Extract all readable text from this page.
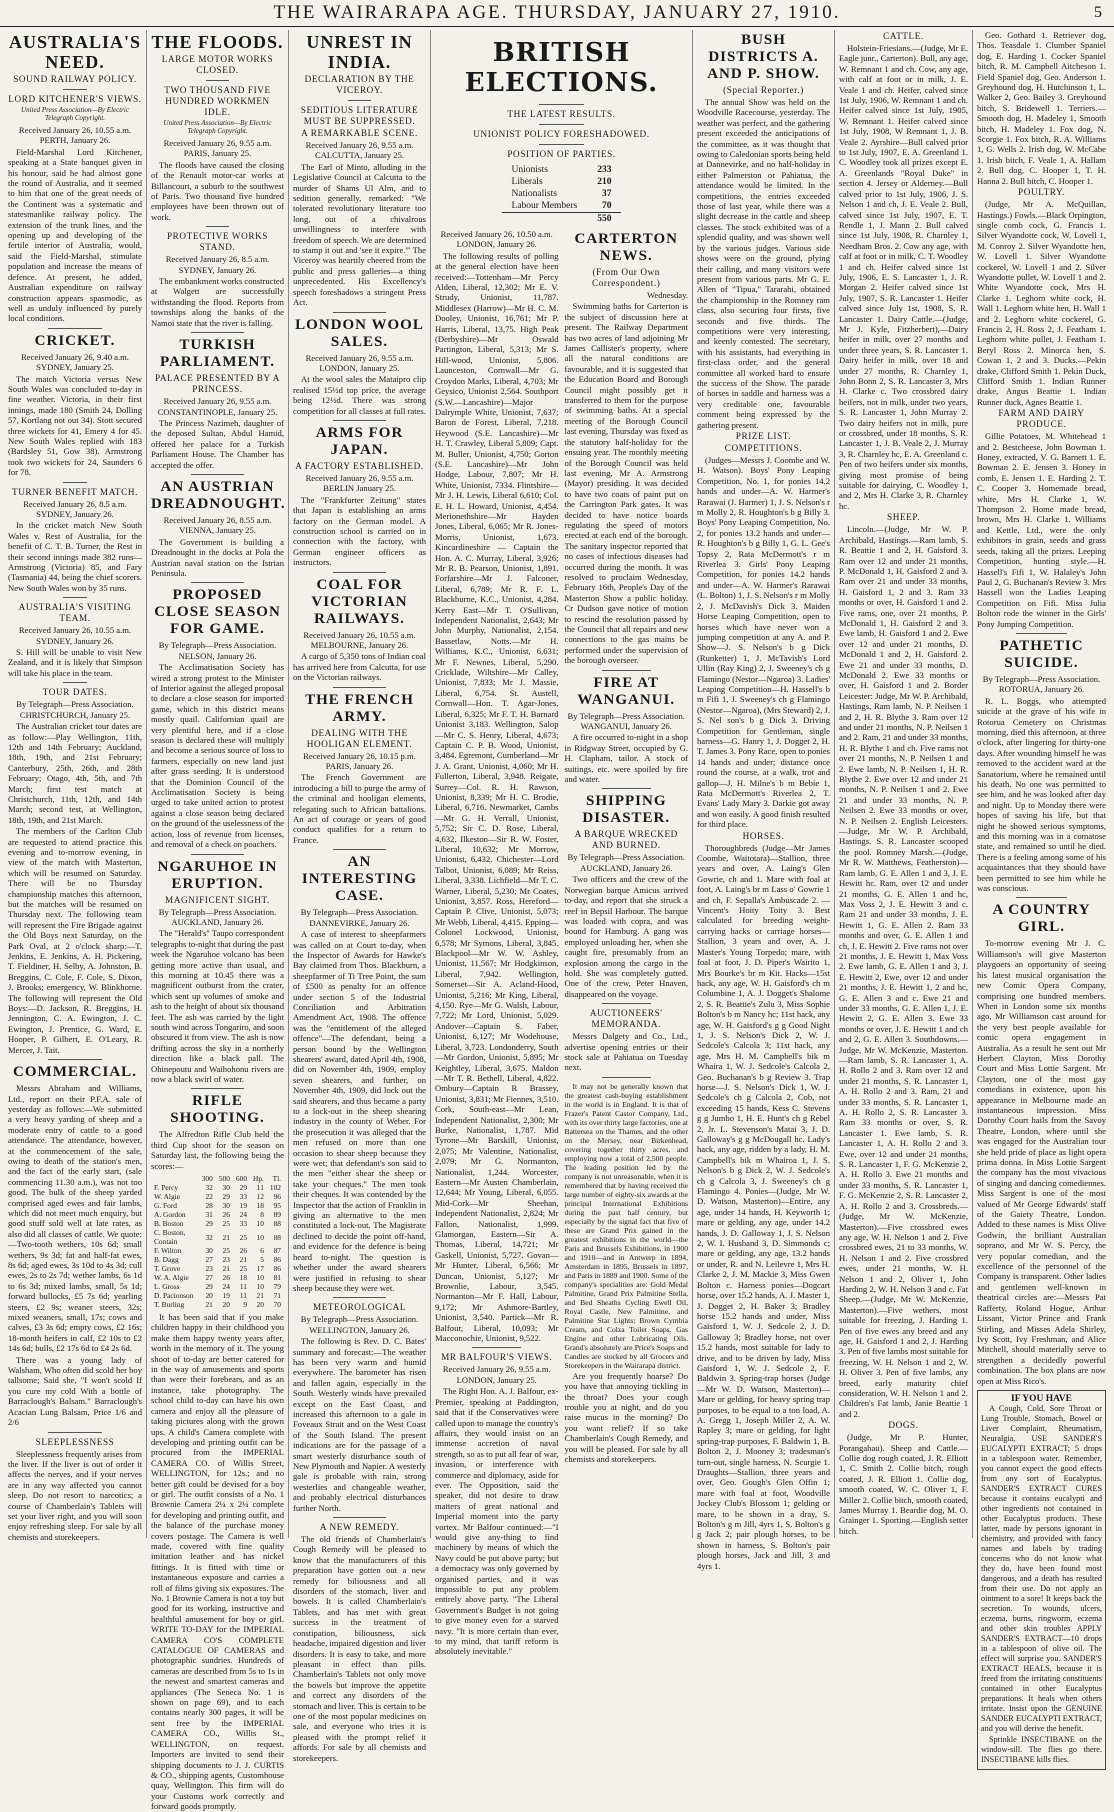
THE WAIRARAPA AGE. THURSDAY, JANUARY 27, 1910.	5
AUSTRALIA'S NEED.
SOUND RAILWAY POLICY.
LORD KITCHENER'S VIEWS.
United Press Association—By Electric Telegraph Copyright.

Received January 26, 10.55 a.m. PERTH, January 26.

Field-Marshal Lord Kitchener, speaking at a State banquet given in his honour, said he had almost gone the round of Australia, and it seemed to him that one of the great needs of the Continent was a systematic and statesmanlike railway policy. The extension of the trunk lines, and the opening up and developing of the fertile interior of Australia, would, said the Field-Marshal, stimulate population and increase the means of defence. At present, he added, Australian expenditure on railway construction appears spasmodic, as well as unduly influenced by purely local conditions.

CRICKET.

Received January 26, 9.40 a.m. SYDNEY, January 25.

The match Victoria versus New South Wales was concluded to-day in fine weather. Victoria, in their first innings, made 180 (Smith 24, Dolling 57, Kortlang not out 34). Stott secured three wickets for 41, Emery 4 for 45. New South Wales replied with 183 (Bardsley 51, Gow 38). Armstrong took two wickets for 24, Saunders 6 for 78.

TURNER BENEFIT MATCH.

Received January 26, 8.5 a.m. SYDNEY, January 26.

In the cricket match New South Wales v. Rest of Australia, for the benefit of C. T. B. Turner, the Rest in their second innings made 382 runs—Armstrong (Victoria) 85, and Fary (Tasmania) 44, being the chief scorers. New South Wales won by 35 runs.

AUSTRALIA'S VISITING TEAM.

Received January 26, 10.55 a.m. SYDNEY, January 26.

S. Hill will be unable to visit New Zealand, and it is likely that Simpson will take his place in the team.

TOUR DATES.

By Telegraph—Press Association. CHRISTCHURCH, January 25.

The Australian cricket tour dates are as follow:—Play Wellington, 11th, 12th and 14th February; Auckland, 18th, 19th, and 21st February; Canterbury, 25th, 26th, and 28th February; Otago, 4th, 5th, and 7th March; first test match at Christchurch, 11th, 12th, and 14th March; second test, at Wellington, 18th, 19th, and 21st March.

The members of the Carlton Club are requested to attend practice this evening and to-morrow evening, in view of the match with Masterton, which will be resumed on Saturday. There will be no Thursday championship matches this afternoon, but the matches will be resumed on Thursday next. The following team will represent the Fire Brigade against the Old Boys next Saturday, on the Park Oval, at 2 o'clock sharp:—T. Jenkins, E. Jenkins, A. H. Pickering, T. Fieldiner, H. Selby, A. Johnston, B. Breggins, C. Cole, F. Cole, S. Dixon, J. Brooks; emergency, W. Blinkhorne. The following will represent the Old Boys:—D. Jackson, R. Breggins, H. Jennington, C. A. Ewington, J. C. Ewington, J. Prentice, G. Ward, E. Hooper, P. Gilbert, E. O'Leary, R. Mercer, J. Tait.

COMMERCIAL.

Messrs Abraham and Williams, Ltd., report on their P.F.A. sale of yesterday as follows:—We submitted a very heavy yarding of sheep and a moderate entry of cattle to a good attendance. The attendance, however, at the commencement of the sale, owing to death of the station's men, and the fact of the early start, (sale commencing 11.30 a.m.), was not too good. The bulk of the sheep yarded comprised aged ewes and fair lambs, which did not meet much enquiry, but good stuff sold well at late rates, as also did all classes of cattle. We quote:—Two-tooth wethers, 10s 6d; small wethers, 9s 3d; fat and half-fat ewes, 8s 6d; aged ewes, 3s 10d to 4s 3d; cull ewes, 2s to 2s 7d; wether lambs, 6s 1d to 6s 3d; mixed lambs, small, 5s 1d; forward bullocks, £5 7s 6d; yearling steers, £2 9s; weaner steers, 32s; mixed weaners, small, 17s; cows and calves, £3 3s 6d; empty cows, £2 16s; 18-month heifers in calf, £2 10s to £2 14s 6d; bulls, £2 17s 6d to £4 2s 6d.

There was a young lady of Walsham, Who often did scold her boy tallsome; Said she, "I won't scold If you cure my cold With a bottle of Barraclough's Balsam." Barraclough's Acacian Lung Balsam, Price 1/6 and 2/6

SLEEPLESSNESS

Sleeplessness frequently arises from the liver. If the liver is out of order it affects the nerves, and if your nerves are in any way affected you cannot sleep. Do not resort to narcotics; a course of Chamberlain's Tablets will set your liver right, and you will soon enjoy refreshing sleep. For sale by all chemists and storekeepers.

THE FLOODS.
LARGE MOTOR WORKS CLOSED.
TWO THOUSAND FIVE HUNDRED WORKMEN IDLE.
United Press Association—By Electric Telegraph Copyright.

Received January 26, 9.55 a.m. PARIS, January 25.

The floods have caused the closing of the Renault motor-car works at Billancourt, a suburb to the southwest of Paris. Two thousand five hundred employees have been thrown out of work.

PROTECTIVE WORKS STAND.

Received January 26, 8.5 a.m. SYDNEY, January 26.

The embankment works constructed at Walgett are successfully withstanding the flood. Reports from townships along the banks of the Namoi state that the river is falling.

TURKISH PARLIAMENT.
PALACE PRESENTED BY A PRINCESS.

Received January 26, 9.55 a.m. CONSTANTINOPLE, January 25.

The Princess Nazimeh, daughter of the deposed Sultan, Abdul Hamid, offered her palace for a Turkish Parliament House. The Chamber has accepted the offer.

AN AUSTRIAN DREADNOUGHT.

Received January 26, 8.55 a.m. VIENNA, January 25.

The Government is building a Dreadnought in the docks at Pola the Austrian naval station on the Istrian Peninsula.

PROPOSED CLOSE SEASON FOR GAME.

By Telegraph—Press Association. NELSON, January 26.

The Acclimatisation Society has wired a strong protest to the Minister of Interior against the alleged proposal to declare a close season for imported game, which in this district means mostly quail. Californian quail are very plentiful here, and if a close season is declared these will multiply and become a serious source of loss to farmers, especially on new land just after grass seeding. It is understood that the Dominion Council of the Acclimatisation Society is being urged to take united action to protest against a close season being declared on the ground of the uselessness of the action, loss of revenue from licenses, and removal of a check on poachers.

NGARUHOE IN ERUPTION.
MAGNIFICENT SIGHT.

By Telegraph—Press Association. AUCKLAND, January 26.

The "Herald's" Taupo correspondent telegraphs to-night that during the past week the Ngaruhoe volcano has been getting more active than usual, and this morning at 10.45 there was a magnificent outburst from the crater, which sent up volumes of smoke and ash to the height of about six thousand feet. The ash was carried by the light south wind across Tongariro, and soon obscured it from view. The ash is now drifting across the sky in a northerly direction like a black pall. The Ohinepoutu and Waihohonu rivers are now a black swirl of water.

RIFLE SHOOTING.

The Alfredton Rifle Club held the third Cup shoot for the season on Saturday last, the following being the scores:—

	300	500	600	Hp.	Tl.
F. Percy	32	30	29	11	102
W. Algie	22	29	33	12	96
G. Ford	28	30	19	18	95
A. Gordon	31	26	24	8	89
B. Boston	29	25	33	10	88
C. Boston, Contain	32	21	25	10	88
F. Wilton	30	25	26	6	87
B. Dagg	27	23	21	5	86
T. Grove	23	21	25	17	86
W. A. Algie	27	26	18	10	81
L. Gross	29	24	11	10	79
D. Pacionson	20	19	11	21	71
T. Burling	21	20	9	20	70

It has been said that if you make children happy in their childhood you make them happy twenty years after, worth in the memory of it. The young shoot of to-day are better catered for in the way of amusements and sports than were their forebears, and as an instance, take photography. The school child to-day can have his own camera and enjoy all the pleasure of taking pictures along with the grown ups. A child's Camera complete with developing and printing outfit can be procured from the IMPERIAL CAMERA CO. of Willis Street, WELLINGTON, for 12s.; and no better gift could be devised for a boy or girl. The outfit consists of a No. 1 Brownie Camera 2¼ x 2¼ complete for developing and printing outfit, and the balance of the purchase money covers postage. The Camera is well made, covered with fine quality imitation leather and has nickel fittings. It is fitted with time or instantaneous exposure and carries a roll of films giving six exposures. The No. 1 Brownie Camera is not a toy but good for its working, instructive and healthful amusement for boy or girl. WRITE TO-DAY for the IMPERIAL CAMERA CO'S COMPLETE CATALOGUE OF CAMERAS and photographic sundries. Hundreds of cameras are described from 5s to 1s in the newest and smartest cameras and appliances (The Seneca No. 1 is shown on page 69), and to each contains nearly 300 pages, it will be sent free by the IMPERIAL CAMERA CO., Willis St., WELLINGTON, on request. Importers are invited to send their shipping documents to J. J. CURTIS & CO., shipping agents, Customhouse quay, Wellington. This firm will do your Customs work correctly and forward goods promptly.

UNREST IN INDIA.
DECLARATION BY THE VICEROY.
SEDITIOUS LITERATURE MUST BE SUPPRESSED.
A REMARKABLE SCENE.

Received January 26, 9.55 a.m. CALCUTTA, January 25.

The Earl of Minto, alluding in the Legislative Council at Calcutta to the murder of Shams Ul Alm, and to sedition generally, remarked: "We tolerated revolutionary literature too long, out of a chivalrous unwillingness to interfere with freedom of speech. We are determined to stamp it out and 'see it expire.'" The Viceroy was heartily cheered from the public and press galleries—a thing unprecedented. His Excellency's speech foreshadows a stringent Press Act.

LONDON WOOL SALES.

Received January 26, 9.55 a.m. LONDON, January 25.

At the wool sales the Mataipro clip realised 15½d top price, the average being 12½d. There was strong competition for all classes at full rates.

ARMS FOR JAPAN.
A FACTORY ESTABLISHED.

Received January 26, 9.55 a.m. BERLIN January 25.

The "Frankfurter Zeitung" states that Japan is establishing an arms factory on the German model. A construction school is carried on in connection with the factory, with German engineer officers as instructors.

COAL FOR VICTORIAN RAILWAYS.

Received January 26, 10.55 a.m. MELBOURNE, January 26.

A cargo of 5,350 tons of Indian coal has arrived here from Calcutta, for use on the Victorian railways.

THE FRENCH ARMY.
DEALING WITH THE HOOLIGAN ELEMENT.

Received January 26, 10.15 p.m. PARIS, January 26.

The French Government are introducing a bill to purge the army of the criminal and hooligan elements, relegating such to African battalions. An act of courage or years of good conduct qualifies for a return to France.

AN INTERESTING CASE.

By Telegraph—Press Association. DANNEVIRKE, January 26.

A case of interest to sheepfarmers was called on at Court to-day, when the Inspector of Awards for Hawke's Bay claimed from Thos. Blackburn, a sheepfarmer of Ti Tree Point, the sum of £500 as penalty for an offence under section 5 of the Industrial Conciliation and Arbitration Amendment Act, 1908. The offence was the "entitlement of the alleged offence"—The defendant, being a person bound by the Wellington shearers' award, dated April 4th, 1908, did on November 4th, 1909, employ seven shearers, and further, on November 4th, 1909, did lock out the said shearers, and thus became a party to a lock-out in the sheep shearing industry in the county of Weber. For the prosecution it was alleged that the men refused on more than one occasion to shear sheep because they were wet; that defendant's son said to the men "either shear the sheep or take your cheques." The men took their cheques. It was contended by the Inspector that the action of Franklin in giving an alternative to the men constituted a lock-out. The Magistrate declined to decide the point off-hand, and evidence for the defence is being heard to-night. The question is whether under the award shearers were justified in refusing to shear sheep because they were wet.

METEOROLOGICAL

By Telegraph—Press Association. WELLINGTON, January 26.

The following is Rev. D. C. Bates' summary and forecast:—The weather has been very warm and humid everywhere. The barometer has risen and fallen again, especially in the South. Westerly winds have prevailed except on the East Coast, and increased this afternoon to a gale in Foveaux Strait and on the West Coast of the South Island. The present indications are for the passage of a smart westerly disturbance south of New Plymouth and Napier. A westerly gale is probable with rain, strong westerlies and changeable weather, and probably electrical disturbances further North.

A NEW REMEDY.

The old friends of Chamberlain's Cough Remedy will be pleased to know that the manufacturers of this preparation have gotten out a new remedy for biliousness and all disorders of the stomach, liver and bowels. It is called Chamberlain's Tablets, and has met with great success in the treatment of constipation, biliousness, sick headache, impaired digestion and liver disorders. It is easy to take, and more pleasant in effect than pills. Chamberlain's Tablets not only move the bowels but improve the appetite and correct any disorders of the stomach and liver. This is certain to be one of the most popular medicines on sale, and everyone who tries it is pleased with the prompt relief it affords. For sale by all chemists and storekeepers.

BRITISH ELECTIONS.
THE LATEST RESULTS.
UNIONIST POLICY FORESHADOWED.
POSITION OF PARTIES.
Unionists	233
Liberals	210
Nationalists	37
Labour Members	70
	550

Received January 26, 10.50 a.m. LONDON, January 26.

The following results of polling at the general election have been received:—Tottenham—Mr Percy Alden, Liberal, 12,302; Mr E. V. Strudy, Unionist, 11,787. Middlesex (Harrow)—Mr H. C. M. Dooley, Unionist, 16,761; Mr P. Harris, Liberal, 13,75. High Peak (Derbyshire)—Mr Oswald Partington, Liberal, 5,313; Mr S. Hill-wood, Unionist, 5,806. Launceston, Cornwall—Mr G. Croydon Marks, Liberal, 4,703; Mr Geysico, Unionist 2,564. Southport (S.W.—Lancashire)—Major Dalrymple White, Unionist, 7,637; Baron de Forest, Liberal, 7,218. Heywood (S.E. Lancashire)—Mr H. T. Crawley, Liberal 5,809; Capt. M. Buller, Unionist, 4,750; Gorton (S.E. Lancashire)—Mr John Hodge, Labour, 7,807; Mr H. White, Unionist, 7334. Flintshire—Mr J. H. Lewis, Liberal 6,610; Col. E. H. L. Howard, Unionist, 4,454. Merionethshire—Mr Hayden Jones, Liberal, 6,065; Mr R. Jones-Morris, Unionist, 1,673. Kincardineshire — Captain the Hon. A. C. Murray, Liberal, 3,926; Mr R. B. Pearson, Unionist, 1,891. Forfarshire—Mr J. Falconer, Liberal, 6,789; Mr R. F. L. Blackburne, K.C., Unionist, 4,284. Kerry East—Mr T. O'Sullivan, Independent Nationalist, 2,643; Mr John Murphy, Nationalist, 2,154. Bassetlaw, Notts.—Mr H. Williams, K.C., Unionist, 6,631; Mr F. Newnes, Liberal, 5,290. Cricklade, Wiltshire—Mr Calley, Unionist, 7,833; Mr J. Massie, Liberal, 6,754. St. Austell, Cornwall—Hon. T. Agar-Jones, Liberal, 6,325; Mr F. T. H. Barnard Unionist 3,183. Wellington, Salop—Mr C. S. Henry, Liberal, 4,673; Captain C. P. B. Wood, Unionist, 3,484. Egremont, Cumberland—Mr J. A. Grant, Unionist, 4,060; Mr H. Fullerton, Liberal, 3,948. Reigate, Surrey—Col. R. H. Rawson, Unionist, 8,339; Mr H. C. Brodie, Liberal, 6,716. Newmarket, Cambs—Mr G. H. Verrall, Unionist, 5,752; Sir C. D. Rose, Liberal, 4,632. Ilkeston—Sir R. W. Foster, Liberal, 10,632; Mr Morrow, Unionist, 6,432. Chichester—Lord Talbot, Unionist, 6,089; Mr Reiss, Liberal, 3,338. Lichfield—Mr T. C. Warner, Liberal, 5,230; Mr Coates, Unionist, 3,857. Ross, Hereford—Captain P. Clive, Unionist, 5,073; Mr Webb, Liberal, 4,415. Epping—Colonel Lockwood, Unionist, 6,578; Mr Symons, Liberal, 3,845. Blackpool—Mr W. W. Ashley, Unionist, 11,567; Mr Hodgkinson, Liberal, 7,942. Wellington, Somerset—Sir A. Acland-Hood, Unionist, 5,216; Mr King, Liberal, 4,150. Rye—Mr G. Walsh, Labour, 7,722; Mr Lord, Unionist, 5,029. Andover—Captain S. Faber, Unionist, 6,127; Mr Wodehouse, Liberal, 3,723. Londonderry, South—Mr Gordon, Unionist, 5,895; Mr Keightley, Liberal, 3,675. Maldon—Mr T. R. Bethell, Liberal, 4,822. Ombury—Captain R Brassey, Unionist, 3,831; Mr Fiennes, 3,510. Cork, South-east—Mr Lean, Independent Nationalist, 2,300; Mr Burke, Nationalist, 1,787. Mid Tyrone—Mr Barskill, Unionist, 2,075; Mr Valentine, Nationalist, 2,079; Mr G. Normanton, Nationalist, 1,244. Worcester, Eastern—Mr Austen Chamberlain, 12,644; Mr Young, Liberal, 6,055. Mid-Cork—Mr Sheehan, Independent Nationalist, 2,824; Mr Fallon, Nationalist, 1,999. Glamorgan, Eastern—Sir A. Thomas, Liberal, 14,721; Mr Gaskell, Unionist, 5,727. Govan—Mr Hunter, Liberal, 6,566; Mr Duncan, Unionist, 5,127; Mr Brownlie, Labour, 3,545. Normanton—Mr F. Hall, Labour, 9,172; Mr Ashmore-Bartley, Unionist, 3,540. Partick—Mr R. Balfour, Liberal, 10,093; Mr Macconochie, Unionist, 9,522.

MR BALFOUR'S VIEWS.

Received January 26, 9.55 a.m. LONDON, January 25.

The Right Hon. A. J. Balfour, ex-Premier, speaking at Paddington, said that if the Conservatives were called upon to manage the country's affairs, they would insist on an immense accretion of naval strength, so as to put all fear of war, invasion, or interference with commerce and diplomacy, aside for ever. The Opposition, said the speaker, did not desire to draw matters of great national and Imperial moment into the party vortex. Mr Balfour continued:—"I would give any-thing to find machinery by means of which the Navy could be put above party; but a democracy was only governed by organised parties, and it was impossible to put any problem entirely above party. "The Liberal Government's Budget is not going to give money even for a starved navy. "It is more certain than ever, to my mind, that tariff reform is absolutely inevitable."

CARTERTON NEWS.
(From Our Own Correspondent.)

Wednesday.

Swimming baths for Carterton is the subject of discussion here at present. The Railway Department has two acres of land adjoining Mr James Callister's property, where all the natural conditions are favourable, and it is suggested that the Education Board and Borough Council might possibly get it transferred to them for the purpose of swimming baths. At a special meeting of the Borough Council last evening, Thursday was fixed as the statutory half-holiday for the ensuing year. The monthly meeting of the Borough Council was held last evening, Mr A. Armstrong (Mayor) presiding. It was decided to have two coats of paint put on the Carrington Park gates. It was decided to have notice boards regulating the speed of motors erected at each end of the borough. The sanitary inspector reported that no cases of infectious diseases had occurred during the month. It was resolved to proclaim Wednesday, February 16th, People's Day of the Masterton Show a public holiday. Cr Dudson gave notice of motion to rescind the resolution passed by the Council that all repairs and new connections to the gas mains be performed under the supervision of the borough overseer.

FIRE AT WANGANUI.

By Telegraph—Press Association. WANGANUI, January 26.

A fire occurred to-night in a shop in Ridgway Street, occupied by G. H. Clapham, tailor. A stock of suitings, etc. were spoiled by fire and water.

SHIPPING DISASTER.
A BARQUE WRECKED AND BURNED.

By Telegraph—Press Association. AUCKLAND, January 26.

Two officers and the crew of the Norwegian barque Amicus arrived to-day, and report that she struck a reef in Bepsil Harbour. The barque was loaded with copra, and was bound for Hamburg. A gang was employed unloading her, when she caught fire, presumably from an explosion among the cargo in the hold. She was completely gutted. One of the crew, Peter Hnaven, disappeared on the voyage.

AUCTIONEERS' MEMORANDA.

Messrs Dalgety and Co., Ltd., advertise opening entries or their stock sale at Pahiatua on Tuesday next.

It may not be generally known that the greatest cash-buying establishment in the world is in England. It is that of Frazer's Patent Castor Company, Ltd., with its over thirty large factories, one at Battersea on the Thames, and the other on the Mersey, near Birkenhead, covering together thirty acres, and employing now a total of 2,500 people. The leading position led by the company is not unreasonable, when it is remembered that by having received the large number of eighty-six awards at the principal International Exhibitions during the past half century, but especially by the signal fact that five of these are Grand Prix gained in the greatest exhibitions in the world—the Paris and Brussels Exhibitions, in 1900 and 1910—and in Antwerp in 1894, Amsterdam in 1895, Brussels in 1897, and Paris in 1889 and 1900. Some of the company's specialities are: Gold Medal Palmitine, Grand Prix Palmitine Stella, and Bed Sheaths Cycling Ewell Oil, Royal Castle, New Palmitine, and Palmitine Star Lights; Brown Cymbia Cream, and Colza Toilet Soaps. Gas Engine and other Lubricating Oils. Grand's absolutely are Price's Soaps and Candles are stocked by all Grocers and Storekeepers in the Wairarapa district.

Are you frequently hoarse? Do you have that annoying tickling in the throat? Does your cough trouble you at night, and do you raise mucus in the morning? Do you want relief? If so take Chamberlain's Cough Remedy, and you will be pleased. For sale by all chemists and storekeepers.

BUSH DISTRICTS A. AND P. SHOW.
(Special Reporter.)

The annual Show was held on the Woodville Racecourse, yesterday. The weather was perfect, and the gathering present exceeded the anticipations of the committee, as it was thought that owing to Caledonian sports being held at Dannevirke, and no half-holiday in either Palmerston or Pahiatua, the attendance would be limited. In the competitions, the entries exceeded those of last year, while there was a slight decrease in the cattle and sheep classes. The stock exhibited was of a splendid quality, and was shown well by the various judges. Various side shows were on the ground, plying their calling, and many visitors were present from various parts. Mr G. E. Allen of "Tipua," Tararahi, obtained the championship in the Romney ram class, also securing four firsts, five seconds and five thirds. The competitions were very interesting, and keenly contested. The secretary, with his assistants, had everything in first-class order, and the general committee all worked hard to ensure the success of the Show. The parade of horses in saddle and harness was a very creditable one, favourable comment being expressed by the gathering present.

PRIZE LIST.
COMPETITIONS.

(Judges—Messrs J. Coombe and W. H. Watson). Boys' Pony Leaping Competition, No. 1, for ponies 14.2 hands and under—A. W. Harmer's Rarawai (J. Harmer) 1, J. S. Nelson's r m Molly 2, R. Houghton's b g Billy 3. Boys' Pony Leaping Competition, No. 2, for ponies 13.2 hands and under—R. Houghton's b g Billy 1, G. L. Gee's Topsy 2, Rata McDermott's r m Riverlea 3. Girls' Pony Leaping Competition, for ponies 14.2 hands and under—A. W. Harmer's Rarawai (L. Bolton) 1, J. S. Nelson's r m Molly 2, J. McDavish's Dick 3. Maiden Horse Leaping Competition, open to horses which have never won a jumping competition at any A. and P. Show—J. S. Nelson's b g Dick (Runketter) 1, J. McTavish's Lord Ullin (Ray King) 2, J. Sweeney's ch g Flamingo (Nestor—Ngaroa) 3. Ladies' Leaping Competition—H. Hassell's b m Fifi 1, J. Sweeney's ch g Flamingo (Nestor—Ngaroa), (Mrs Steward) 2, J. S. Nel son's b g Dick 3. Driving Competition for Gentleman, single harness—G. Hanry 1, J. Dogget 2, H. T. James 3. Pony Race, open to ponies 14 hands and under; distance once round the course, at a walk, trot and gallop—J. H. Milne's b m Bebie 1, Rata McDermott's Riverlea 2, T. Evans' Lady Mary 3. Darkie got away and won easily. A good finish resulted for third place.

HORSES.

Thoroughbreds (Judge—Mr James Coombe, Waitotara)—Stallion, three years and over, A. Laing's Glen Gowrie, ch and 1. Mare with foal at foot, A. Laing's br m Lass o' Gowrie 1 and ch, F. Sepalla's Ambuscade 2. — Vincent's Hoity Toity 3. Best calculated for breeding weight-carrying hacks or carriage horses—Stallion, 3 years and over, A. J. Master's Young Torpedo; mare, with foal at foot, J. D. Piper's Wairito 1, Mrs Bourke's br m Kit. Hacks—15st hack, any age, W. H. Gaisford's ch m Columbine 1, A. J. Dogget's Shalome 2, S. R. Beattie's Zulu 3, Miss Sophie Bolton's b m Nancy hc; 11st hack, any age, W. H. Gaisford's g g Good Night 1, J. S. Nelson's Dick 2, W. J. Sedcole's Calcola 3; 11st hack, any age, Mrs H. M. Campbell's bik m Whaira 1, W. J. Sedcole's Calcola 2, Geo. Buchanan's b g Review 3. Trap horse—J. S. Nelson's Dick 1, W. J. Sedcole's ch g Calcola 2, Cob, not exceeding 15 hands, Kess C. Stevens g g Jumbo 1, H. E. Hunt's ch g Rebel 2, Jr. L. Stevenson's Matai 3, J. D. Galloway's g g McDougall hc. Lady's hack, any age, ridden by a lady, H. M. Campbell's bik m Whairoa 1, J. S. Nelson's b g Dick 2, W. J. Sedcole's ch g Calcola 3, J. Sweeney's ch g Flamingo 4. Ponies—(Judge, Mr W. D. Watson, Masterton)—Entire, any age, under 14 hands, H. Keyworth 1; mare or gelding, any age, under 14.2 hands, J. D. Galloway 1, J. S. Nelson 2, W. I. Husband 3, D. Simmonds c; mare or gelding, any age, 13.2 hands or under, R. and N. Leilevre 1, Mrs H. Clarke 2, J. M. Mackie 3, Miss Gwen Bolton c. Harness ponies—Dogcart horse, over 15.2 hands, A. J. Master 1, J. Dogget 2, H. Baker 3; Bradley horse 15.2 hands and under, Miss Gaisford 1, W. J. Sedcole 2, J. D. Galloway 3; Bradley horse, not over 15.2 hands, most suitable for lady to drive, and to be driven by lady, Miss Gaisford 1, W. J. Sedcole 2, F. Baldwin 3. Spring-trap horses (Judge—Mr W. D. Watson, Masterton)—Mare or gelding, for heavy spring trap purposes, to be equal to a ton load, A. A. Gregg 1, Joseph Miller 2, A. W. Rapley 3; mare or gelding, for light spring-trap purposes, F. Baldwin 1, B. Bolton 2, J. Mooney 3; tradesman's turn-out, single harness, N. Scurgie 1. Draughts—Stallion, three years and over, Geo. Gough's Glen Offin 1; mare with foal at foot, Woodville Jockey Club's Blossom 1; gelding or mare, to be shown in a dray, S. Bolton's g m Jill, 4yrs 1, S. Bolton's g g Jack 2; pair plough horses, to be shown in harness, S. Bolton's pair plough horses, Jack and Jill, 3 and 4yrs 1.

CATTLE.

Holstein-Friesians.—(Judge, Mr E. Eagle junr., Carterton). Bull, any age, W. Remnant 1 and ch. Cow, any age, with calf at foot or in milk, J. E. Veale 1 and ch. Heifer, calved since 1st July, 1906, W. Remnant 1 and ch. Heifer calved since 1st July, 1905, W. Remnant 1. Heifer calved since 1st July, 1908, W Remnant 1, J. B. Veale 2. Ayrshire—Bull calved prior to 1st July, 1907, E. A. Greenland 1. C. Woodley took all prizes except E. A. Greenlands "Royal Duke" in section 4. Jersey or Alderney.—Bull calved prior to 1st July, 1906, J. S. Nelson 1 and ch, J. E. Veale 2. Bull, calved since 1st July, 1907, E. T. Rendle 1, J. Mann 2. Bull calved since 1st July, 1908, R. Charnley 1, Needham Bros. 2. Cow any age, with calf at foot or in milk, C. T. Woodley 1 and ch. Heifer calved since 1st July, 1906, E. S. Lancaster 1, J. R. Morgan 2. Heifer calved since 1st July, 1907, S. R. Lancaster 1. Heifer calved since July 1st, 1908, S. R. Lancaster 1. Dairy Cattle.—(Judge, Mr J. Kyle, Fitzherbert),—Dairy heifer in milk, over 27 months and under three years, S. R. Lancaster 1. Dairy heifer in milk, over 18 and under 27 months, R. Charnley 1, John Bonn 2, S. R. Lancaster 3, Mrs H. Clarke c. Two crossbred dairy heifers, not in milk, under two years, S. R. Lancaster 1, John Murray 2. Two dairy heifers not in milk, pure or crossbred, under 18 months, S. R. Lancaster 1, J. B. Veale 2, J. Murray 3, R. Charnley hc, E. A. Greenland c. Pen of two heifers under six months, giving most promise of being suitable for dairying, C. Woodley 1, and 2, Mrs H. Clarke 3, R. Charnley hc.

SHEEP.

Lincoln.—(Judge, Mr W. P. Archibald, Hastings.—Ram lamb, S. R. Beattie 1 and 2, H. Gaisford 3. Ram over 12 and under 21 months, P. McDonald 1, H. Gaisford 2 and 3. Ram over 21 and under 33 months, H. Gaisford 1, 2 and 3. Ram 33 months or over, H. Gaisford 1 and 2. Five rams, one, over 21 months, P. McDonald 1, H. Gaisford 2 and 3. Ewe lamb, H. Gaisford 1 and 2. Ewe over 12 and under 21 months, D. McDonald 1 and 2, H. Gaisford 2. Ewe 21 and under 33 months, D. McDonald 2. Ewe 33 months or over, H. Gaisford 1 and 2. Border Leicester: Judge, Mr W. P. Archibald, Hastings, Ram lamb, N. P. Neilsen 1 and 2, H. R. Blythe 3. Ram over 12 and under 21 months, N. P. Neilsen 1 and 2. Ram, 21 and under 33 months, H. R. Blythe 1 and ch. Five rams not over 21 months, N. P. Neilsen 1 and 2. Ewe lamb, N. P. Neilsen 1, H. R. Blythe 2. Ewe over 12 and under 21 months, N. P. Neilsen 1 and 2. Ewe 21 and under 33 months, N. P. Neilsen 2. Ewe 33 months or over, N. P. Neilsen 2. English Leicesters.—Judge, Mr W. P. Archibald, Hastings. S. R. Lancaster scooped the pool. Romney Marsh.—(Judge, Mr R. W. Matthews, Featherston)—Ram lamb, G. E. Allen 1 and 3, J. E. Hewitt hc. Ram, over 12 and under 21 months, G. E. Allen 1 and hc, Max Voss 2, J. E. Hewitt 3 and c. Ram 21 and under 33 months, J. E. Hewitt 1, G. E. Allen 2. Ram 33 months and over, G. E. Allen 1 and ch, J. E. Hewitt 2. Five rams not over 21 months, J. E. Hewitt 1, Max Voss 2. Ewe lamb, G. E. Allen 1 and 3, J. E. Hewitt 2, Ewe, over 12 and under 21 months, J. E. Hewitt 1, 2 and hc, G. E. Allen 3 and c. Ewe 21 and under 33 months, G. E. Allen 1, J. E. Hewitt 2, G. E. Allen 3. Ewe 33 months or over, J. E. Hewitt 1 and ch and 2, G. E. Allen 3. Southdowns.—Judge, Mr W. McKenzie, Masterton.—Ram lamb, S. R. Lancaster 1, A. H. Rollo 2 and 3. Ram over 12 and under 21 months, S. R. Lancaster 1, A. H. Rollo 2 and 3. Ram, 21 and under 33 months, S. R. Lancaster 1, A. H. Rollo 2, S. R. Lancaster 3. Ram 33 months or over, S. R. Lancaster 1. Ewe lamb, S. R. Lancaster 1, A. H. Rollo 2 and 3. Ewe, over 12 and under 21 months, S. R. Lancaster 1, F. G. McKenzie 2, A. H. Rollo 3. Ewe 21 months and under 33 months, S. R. Lancaster 1, F. G. McKenzie 2, S. R. Lancaster 2, A. H. Rollo 2 and 3. Crossbreds.—(Judge, Mr W. McKenzie, Masterton).—Five crossbred ewes any age, W. H. Nelson 1 and 2. Five crossbred ewes, 21 to 33 months, W. H. Nelson 1 and 2. Five crossbred ewes, under 21 months, W. H. Nelson 1 and 2, Oliver 1, John Harding 2, W. H. Nelson 3 and c. Fat Sheep.—(Judge, Mr W. McKenzie, Masterton).—Five wethers, most suitable for freezing, J. Harding 1. Pen of five ewes any breed and any age, H. Gaisford 1 and 2, J. Harding 3. Pen of five lambs most suitable for freezing, W. H. Nelson 1 and 2, W. H. Oliver 3. Pen of five lambs, any breed, early maturity chief consideration, W. H. Nelson 1 and 2. Children's Fat lamb, Janie Beattie 1 and 2.

DOGS.

(Judge, Mr P. Hunter, Porangahau). Sheep and Cattle.—Collie dog rough coated, J. R. Elliott 1, C. Smith 2. Collie bitch, rough coated, J. R. Elliott 1. Collie dog, smooth coated, W. C. Oliver 1, F. Miller 2. Collie bitch, smooth coated, James Murray 1. Beardie dog, M. O. Grainger 1. Sporting.—English setter bitch.

Geo. Gothard 1. Retriever dog, Thos. Teasdale 1. Clumber Spaniel dog, E. Harding 1. Cocker Spaniel bitch, R. M. Campbell Aitcheson 1. Field Spaniel dog, Geo. Anderson 1. Greyhound dog, H. Hutchinson 1, L. Walker 2, Geo. Bailey 3. Greyhound bitch, S. Bridewell 1. Terriers.—Smooth dog, H. Madeley 1, Smooth bitch, H. Madeley 1. Fox dog, N. Scorgie 1. Fox bitch, R. A. Williams 1, G. Wells 2. Irish dog, W. McCabe 1. Irish bitch, F. Veale 1, A. Hallam 2. Bull dog, C. Hooper 1, T. H. Hanna 2. Bull bitch, C. Hooper 1.

POULTRY.

(Judge, Mr A. McQuillan, Hastings.) Fowls.—Black Orpington, single comb cock, G. Francis 1. Silver Wyandotte cock, W. Lovell 1, M. Conroy 2. Silver Wyandotte hen, W. Lovell 1. Silver Wyandotte cockerel, W. Lovell 1 and 2. Silver Wyandotte pullet, W. Lovell 1 and 2. White Wyandotte cock, Mrs H. Clarke 1. Leghorn white cock, H. Wall 1. Leghorn white hen, H. Wall 1 and 2. Leghorn white cockerel, G. Francis 2, H. Ross 2, J. Featham 1. Leghorn white pullet, J. Featham 1. Beryl Ross 2. Minorca hen, S. Cowan 1, 2 and 3. Ducks.—Pekin drake, Clifford Smith 1. Pekin Duck, Clifford Smith 1. Indian Runner drake, Angus Beattie 1. Indian Runner duck, Agnes Beattie 1.

FARM AND DAIRY PRODUCE.

Gillie Potatoes, M. Whitehead 1 and 2. Bestcheese, John Bowman 1. Honey, extracted, V. G. Barnett 1. E. Bowman 2. E. Jensen 3. Honey in comb, E. Jensen 1. E. Harding 2. T. C. Cooper 3. Homemade bread, white, Mrs H. Clarke 1, W. Thompson 2. Home made bread, brown, Mrs H. Clarke 1. Williams and Kettle, Ltd., were the only exhibitors in grain, seeds and grass seeds, taking all the prizes. Leeping Competition, hunting style.—H. Hassell's Fifi 1, W. Halaley's John Paul 2, G. Buchanan's Review 3. Mrs Hassell won the Ladies Leaping Competition on Fifi. Miss Julia Bolton rode the winner in the Girls' Pony Jumping Competition.

PATHETIC SUICIDE.

By Telegraph—Press Association. ROTORUA, January 26.

R. L. Boggs, who attempted suicide at the grave of his wife in Rotorua Cemetery on Christmas morning, died this afternoon, at three o'clock, after lingering for thirty-one days. After wounding himself he was removed to the accident ward at the Sanatorium, where he remained until his death. No one was permitted to see him, and he was looked after day and night. Up to Monday there were hopes of saving his life, but that night he showed serious symptoms, and this morning was in a comatose state, and remained so until he died. There is a feeling among some of his acquaintances that they should have been permitted to see him while he was conscious.

A COUNTRY GIRL.

To-morrow evening Mr J. C. Williamson's will give Masterton playgoers an opportunity of seeing his latest musical organisation the new Comic Opera Company, comprising one hundred members. When in London some six months ago, Mr Williamson cast around for the very best people available for comic opera engagement in Australia. As a result he sent out Mr Herbert Clayton, Miss Dorothy Court and Miss Lottie Sargent. Mr Clayton, one of the most gay comedians in existence, upon his appearance in Melbourne made an instantaneous impression. Miss Dorothy Court hails from the Savoy Theatre, London, where until she was engaged for the Australian tour she held pride of place as light opera prima donna. In Miss Lottie Sargent the company has the most vivacious of singing and dancing comediennes. Miss Sargent is one of the most valued of Mr George Edwards' staff of the Gaiety Theatre, London. Added to these names is Miss Olive Godwin, the brilliant Australian soprano, and Mr W. S. Percy, the very popular comedian, and the excellence of the personnel of the Company is transparent. Other ladies and gentlemen well-known in theatrical circles are:—Messrs Pat Rafferty, Roland Hogue, Arthur Lissant, Victor Prince and Frank Stirling, and Misses Adela Shirley, Ivy Scott, Ivy Freshman, and Alice Mitchell, should materially serve to strengthen a decidedly powerful combination. The box plans are now open at Miss Rico's.

IF YOU HAVE

A Cough, Cold, Sore Throat or Lung Trouble, Stomach, Bowel or Liver Complaint, Rheumatism, Neuralgia, USE SANDER'S EUCALYPTI EXTRACT; 5 drops in a tablespoon water. Remember, you cannot expect the good effects from any sort of Eucalyptus. SANDER'S EXTRACT CURES because it contains eucalypti and other ingredients not contained in other Eucalyptus products. These latter, made by persons ignorant in chemistry, and provided with fancy names and labels by trading concerns who do not know what they do, have been found most dangerous, and a death has resulted from their use. Do not apply an ointment to a sore! It keeps back the secretion. To wounds, ulcers, eczema, burns, ringworm, eczema and other skin troubles APPLY SANDER'S EXTRACT—10 drops in a tablespoon of olive oil. The effect will surprise you. SANDER'S EXTRACT HEALS, because it is freed from the irritating constituents contained in other Eucalyptus preparations. It heals when others irritate. Insist upon the GENUINE SANDER EUCALYPTI EXTRACT, and you will derive the benefit.

Sprinkle INSECTIBANE on the window-sill. The flies go there. INSECTIBANE kills flies.
